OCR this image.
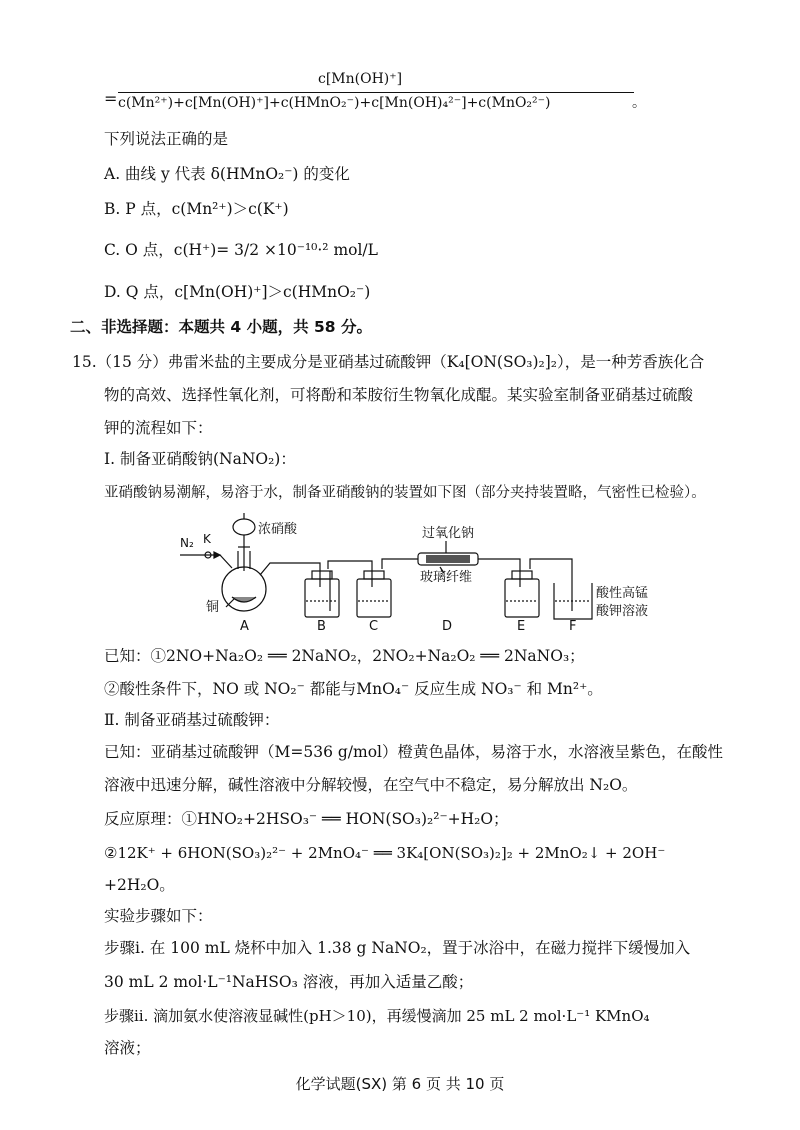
=
c[Mn(OH)⁺]
c(Mn²⁺)+c[Mn(OH)⁺]+c(HMnO₂⁻)+c[Mn(OH)₄²⁻]+c(MnO₂²⁻)	。
下列说法正确的是
A. 曲线 y 代表 δ(HMnO₂⁻) 的变化
B. P 点，c(Mn²⁺)＞c(K⁺)
C. O 点，c(H⁺)= 3/2 ×10⁻¹⁰·² mol/L
D. Q 点，c[Mn(OH)⁺]＞c(HMnO₂⁻)
二、非选择题：本题共 4 小题，共 58 分。
15.（15 分）弗雷米盐的主要成分是亚硝基过硫酸钾（K₄[ON(SO₃)₂]₂），是一种芳香族化合
物的高效、选择性氧化剂，可将酚和苯胺衍生物氧化成醌。某实验室制备亚硝基过硫酸
钾的流程如下：
Ⅰ. 制备亚硝酸钠(NaNO₂)：
亚硝酸钠易潮解，易溶于水，制备亚硝酸钠的装置如下图（部分夹持装置略，气密性已检验）。
N₂ K
浓硝酸
铜
过氧化钠
玻璃纤维
酸性高锰
酸钾溶液
A	B	C	D	E	F
已知：①2NO+Na₂O₂ ══ 2NaNO₂，2NO₂+Na₂O₂ ══ 2NaNO₃；
②酸性条件下，NO 或 NO₂⁻ 都能与MnO₄⁻ 反应生成 NO₃⁻ 和 Mn²⁺。
Ⅱ. 制备亚硝基过硫酸钾：
已知：亚硝基过硫酸钾（M=536 g/mol）橙黄色晶体，易溶于水，水溶液呈紫色，在酸性
溶液中迅速分解，碱性溶液中分解较慢，在空气中不稳定，易分解放出 N₂O。
反应原理：①HNO₂+2HSO₃⁻ ══ HON(SO₃)₂²⁻+H₂O；
②12K⁺ + 6HON(SO₃)₂²⁻ + 2MnO₄⁻ ══ 3K₄[ON(SO₃)₂]₂ + 2MnO₂↓ + 2OH⁻
+2H₂O。
实验步骤如下：
步骤ⅰ. 在 100 mL 烧杯中加入 1.38 g NaNO₂，置于冰浴中，在磁力搅拌下缓慢加入
30 mL 2 mol·L⁻¹NaHSO₃ 溶液，再加入适量乙酸；
步骤ⅱ. 滴加氨水使溶液显碱性(pH＞10)，再缓慢滴加 25 mL 2 mol·L⁻¹ KMnO₄
溶液；
化学试题(SX) 第 6 页 共 10 页
